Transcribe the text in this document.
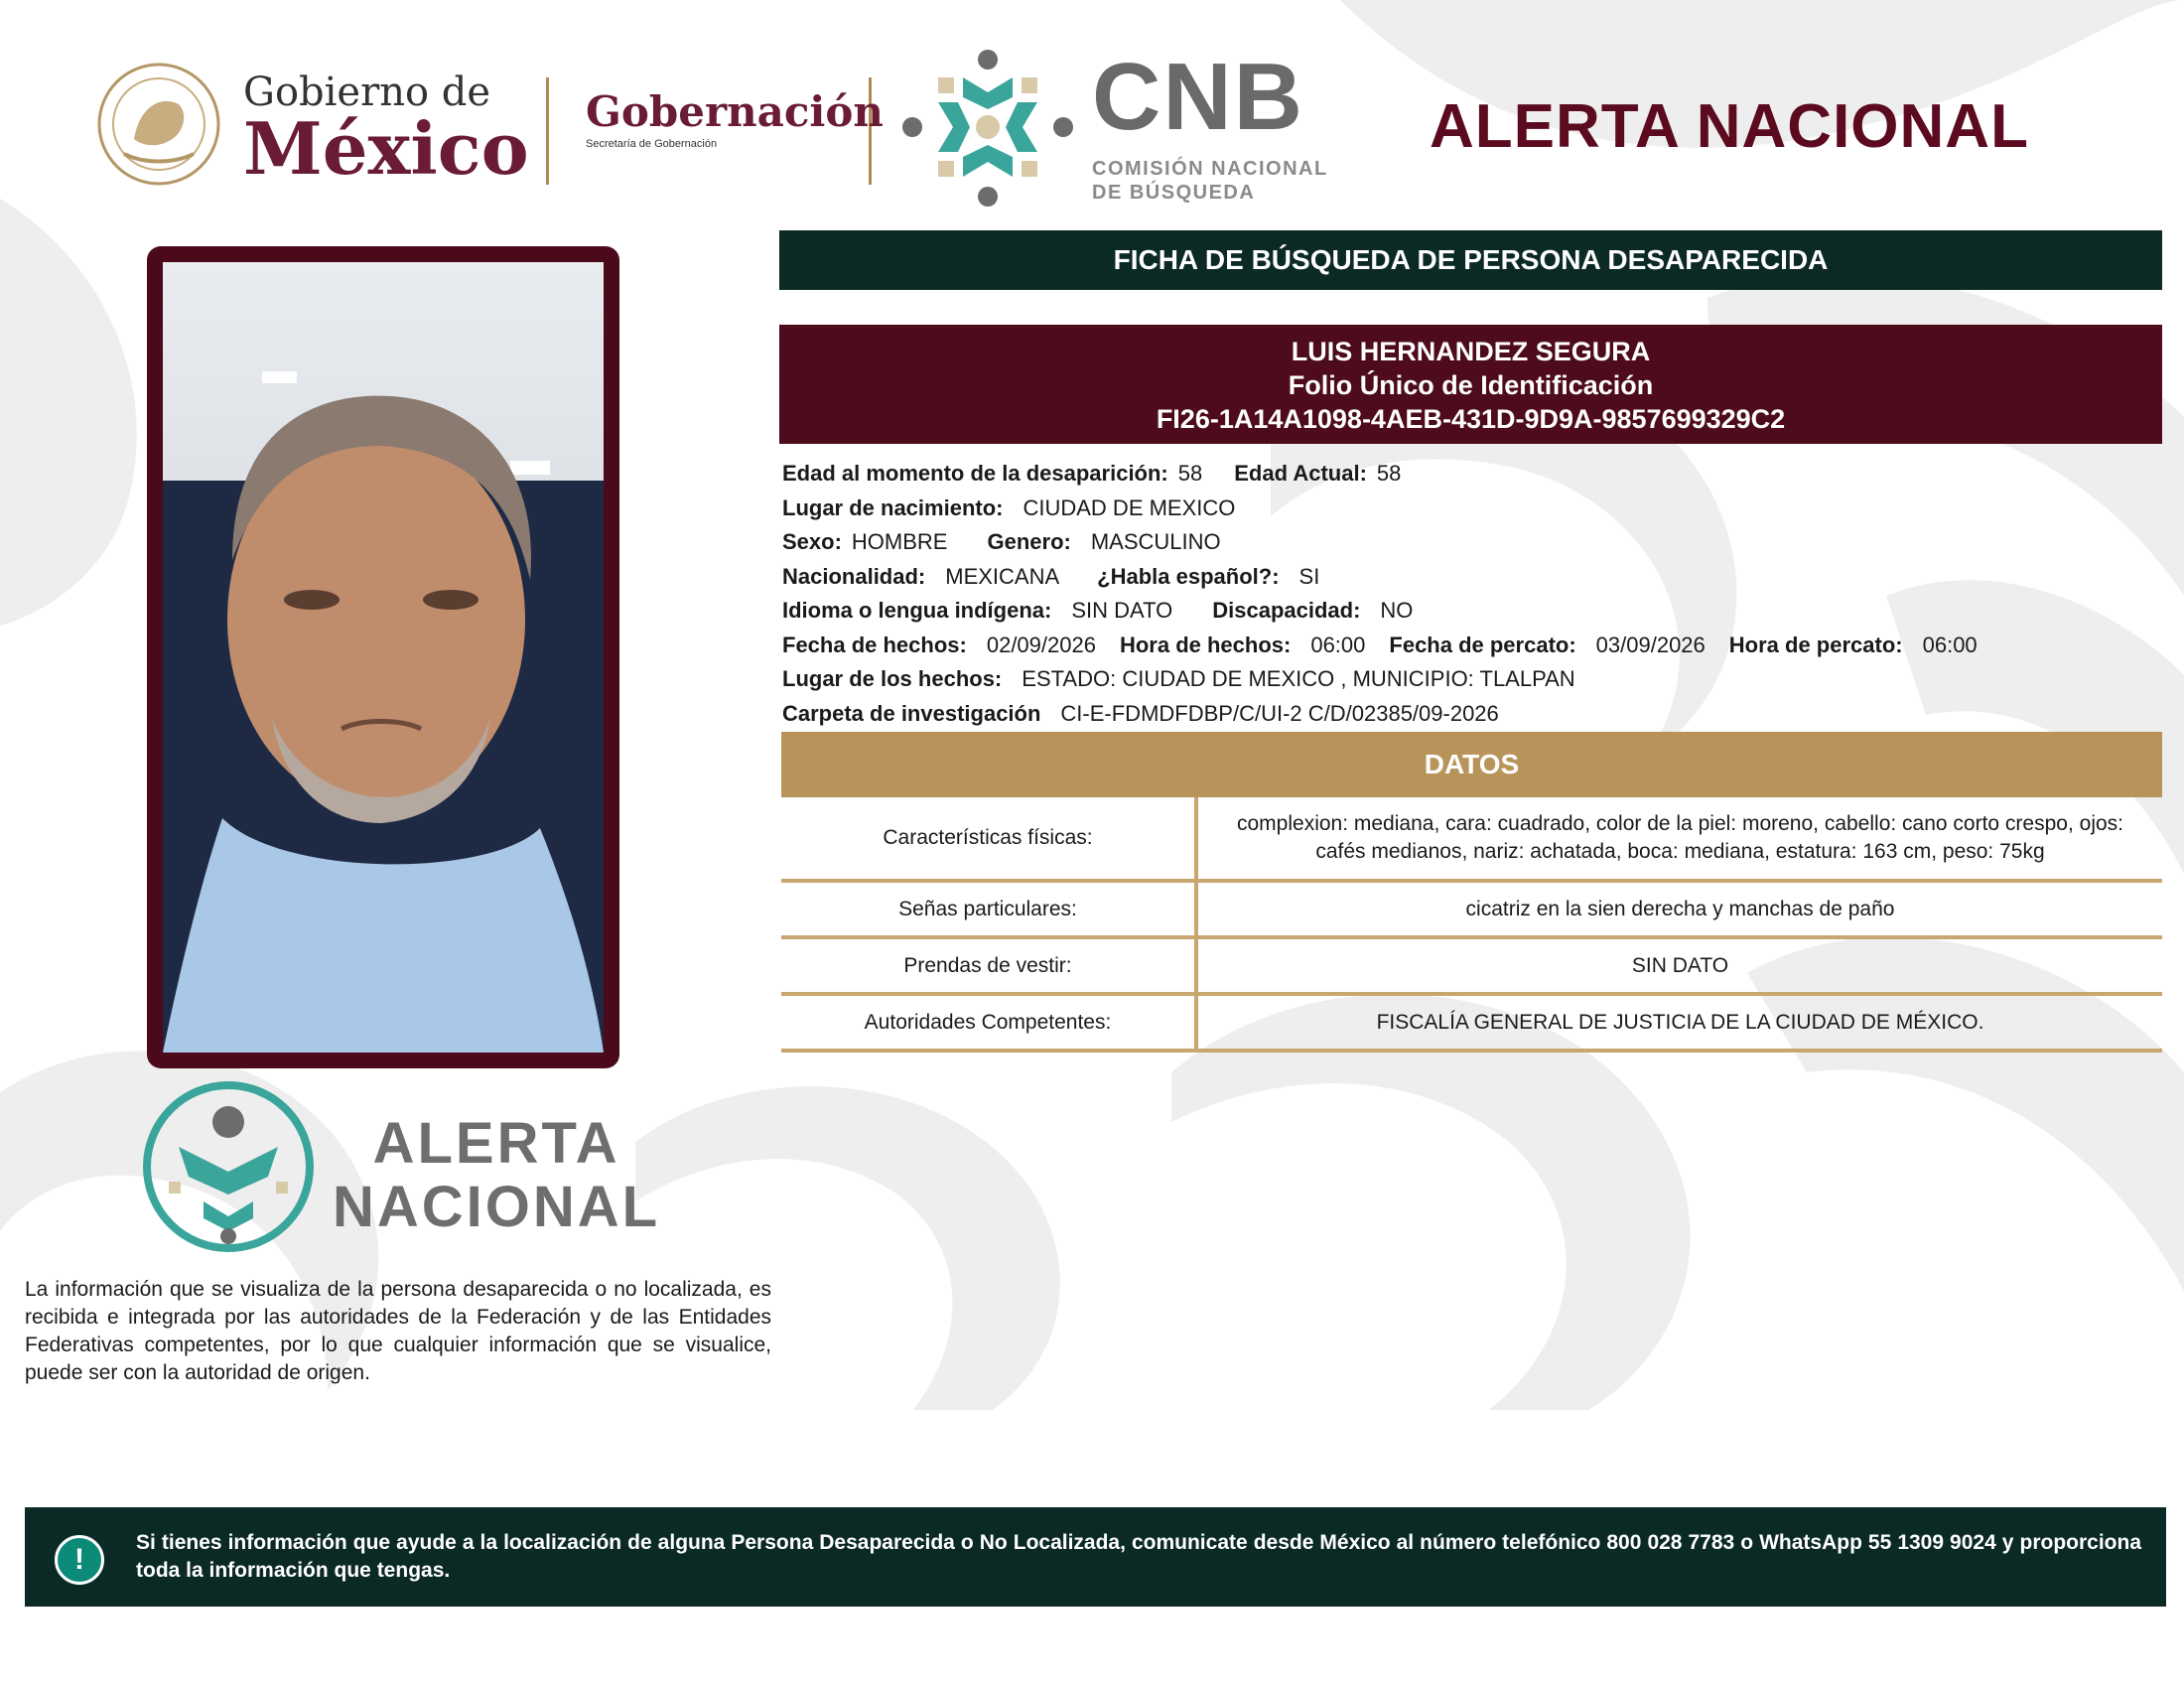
Gobierno de
México Gobernación
Secretaría de Gobernación	CNB
COMISIÓN NACIONAL
DE BÚSQUEDA
ALERTA NACIONAL
ALERTA
NACIONAL
La información que se visualiza de la persona desaparecida o no localizada, es recibida e integrada por las autoridades de la Federación y de las Entidades Federativas competentes, por lo que cualquier información que se visualice, puede ser con la autoridad de origen.
FICHA DE BÚSQUEDA DE PERSONA DESAPARECIDA
LUIS HERNANDEZ SEGURA
Folio Único de Identificación
FI26-1A14A1098-4AEB-431D-9D9A-9857699329C2
Edad al momento de la desaparición: 58 Edad Actual: 58
Lugar de nacimiento: CIUDAD DE MEXICO
Sexo: HOMBRE Genero: MASCULINO
Nacionalidad: MEXICANA ¿Habla español?: SI
Idioma o lengua indígena: SIN DATO Discapacidad: NO
Fecha de hechos: 02/09/2026 Hora de hechos: 06:00 Fecha de percato: 03/09/2026 Hora de percato: 06:00
Lugar de los hechos: ESTADO: CIUDAD DE MEXICO , MUNICIPIO: TLALPAN
Carpeta de investigación CI-E-FDMDFDBP/C/UI-2 C/D/02385/09-2026
DATOS
Características físicas:	complexion: mediana, cara: cuadrado, color de la piel: moreno, cabello: cano corto crespo, ojos: cafés medianos, nariz: achatada, boca: mediana, estatura: 163 cm, peso: 75kg
Señas particulares:	cicatriz en la sien derecha y manchas de paño
Prendas de vestir:	SIN DATO
Autoridades Competentes:	FISCALÍA GENERAL DE JUSTICIA DE LA CIUDAD DE MÉXICO.
!
Si tienes información que ayude a la localización de alguna Persona Desaparecida o No Localizada, comunicate desde México al número telefónico 800 028 7783 o WhatsApp 55 1309 9024 y proporciona toda la información que tengas.
